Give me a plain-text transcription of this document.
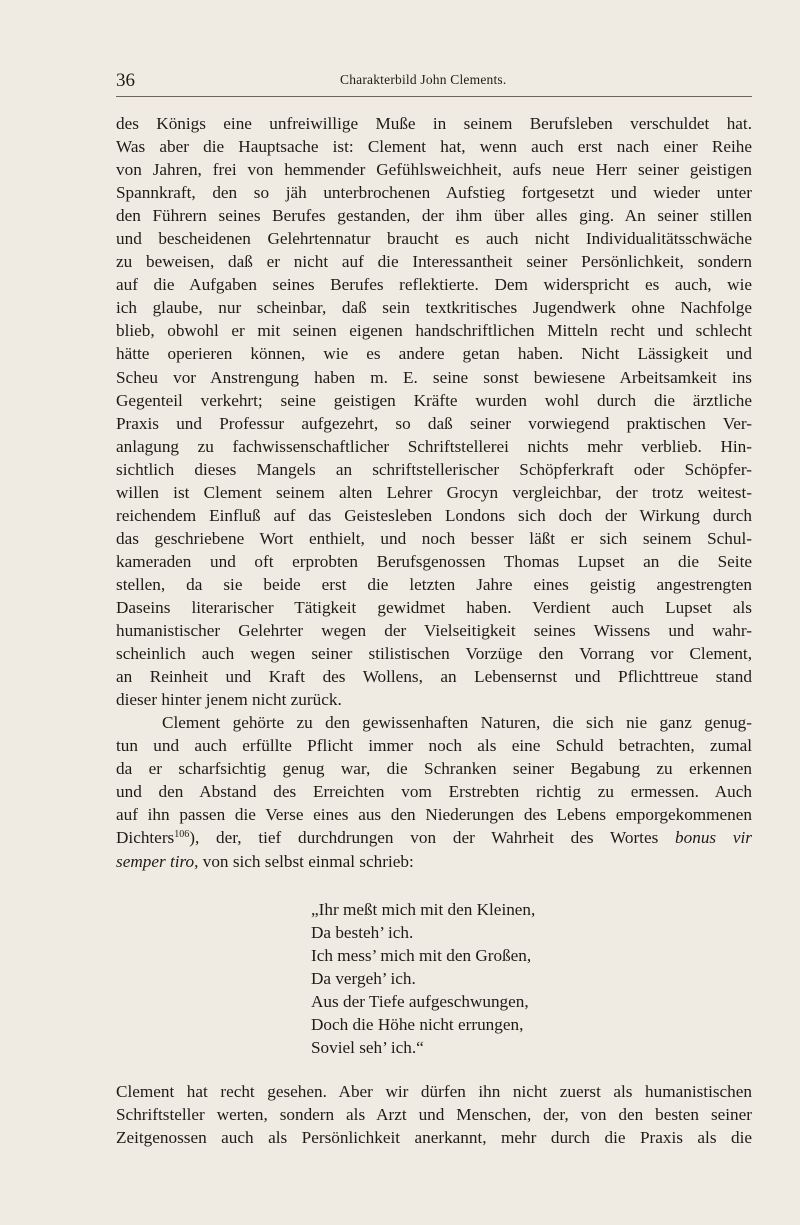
36	Charakterbild John Clements.

des Königs eine unfreiwillige Muße in seinem Berufsleben verschuldet hat.
Was aber die Hauptsache ist: Clement hat, wenn auch erst nach einer Reihe
von Jahren, frei von hemmender Gefühlsweichheit, aufs neue Herr seiner geistigen
Spannkraft, den so jäh unterbrochenen Aufstieg fortgesetzt und wieder unter
den Führern seines Berufes gestanden, der ihm über alles ging. An seiner stillen
und bescheidenen Gelehrtennatur braucht es auch nicht Individualitätsschwäche
zu beweisen, daß er nicht auf die Interessantheit seiner Persönlichkeit, sondern
auf die Aufgaben seines Berufes reflektierte. Dem widerspricht es auch, wie
ich glaube, nur scheinbar, daß sein textkritisches Jugendwerk ohne Nachfolge
blieb, obwohl er mit seinen eigenen handschriftlichen Mitteln recht und schlecht
hätte operieren können, wie es andere getan haben. Nicht Lässigkeit und
Scheu vor Anstrengung haben m. E. seine sonst bewiesene Arbeitsamkeit ins
Gegenteil verkehrt; seine geistigen Kräfte wurden wohl durch die ärztliche
Praxis und Professur aufgezehrt, so daß seiner vorwiegend praktischen Ver-
anlagung zu fachwissenschaftlicher Schriftstellerei nichts mehr verblieb. Hin-
sichtlich dieses Mangels an schriftstellerischer Schöpferkraft oder Schöpfer-
willen ist Clement seinem alten Lehrer Grocyn vergleichbar, der trotz weitest-
reichendem Einfluß auf das Geistesleben Londons sich doch der Wirkung durch
das geschriebene Wort enthielt, und noch besser läßt er sich seinem Schul-
kameraden und oft erprobten Berufsgenossen Thomas Lupset an die Seite
stellen, da sie beide erst die letzten Jahre eines geistig angestrengten
Daseins literarischer Tätigkeit gewidmet haben. Verdient auch Lupset als
humanistischer Gelehrter wegen der Vielseitigkeit seines Wissens und wahr-
scheinlich auch wegen seiner stilistischen Vorzüge den Vorrang vor Clement,
an Reinheit und Kraft des Wollens, an Lebensernst und Pflichttreue stand
dieser hinter jenem nicht zurück.

Clement gehörte zu den gewissenhaften Naturen, die sich nie ganz genug-
tun und auch erfüllte Pflicht immer noch als eine Schuld betrachten, zumal
da er scharfsichtig genug war, die Schranken seiner Begabung zu erkennen
und den Abstand des Erreichten vom Erstrebten richtig zu ermessen. Auch
auf ihn passen die Verse eines aus den Niederungen des Lebens emporgekommenen
Dichters$^{106}$), der, tief durchdrungen von der Wahrheit des Wortes bonus vir
semper tiro, von sich selbst einmal schrieb:

„Ihr meßt mich mit den Kleinen,
Da besteh’ ich.
Ich mess’ mich mit den Großen,
Da vergeh’ ich.
Aus der Tiefe aufgeschwungen,
Doch die Höhe nicht errungen,
Soviel seh’ ich.“
Clement hat recht gesehen. Aber wir dürfen ihn nicht zuerst als humanistischen
Schriftsteller werten, sondern als Arzt und Menschen, der, von den besten seiner
Zeitgenossen auch als Persönlichkeit anerkannt, mehr durch die Praxis als die
